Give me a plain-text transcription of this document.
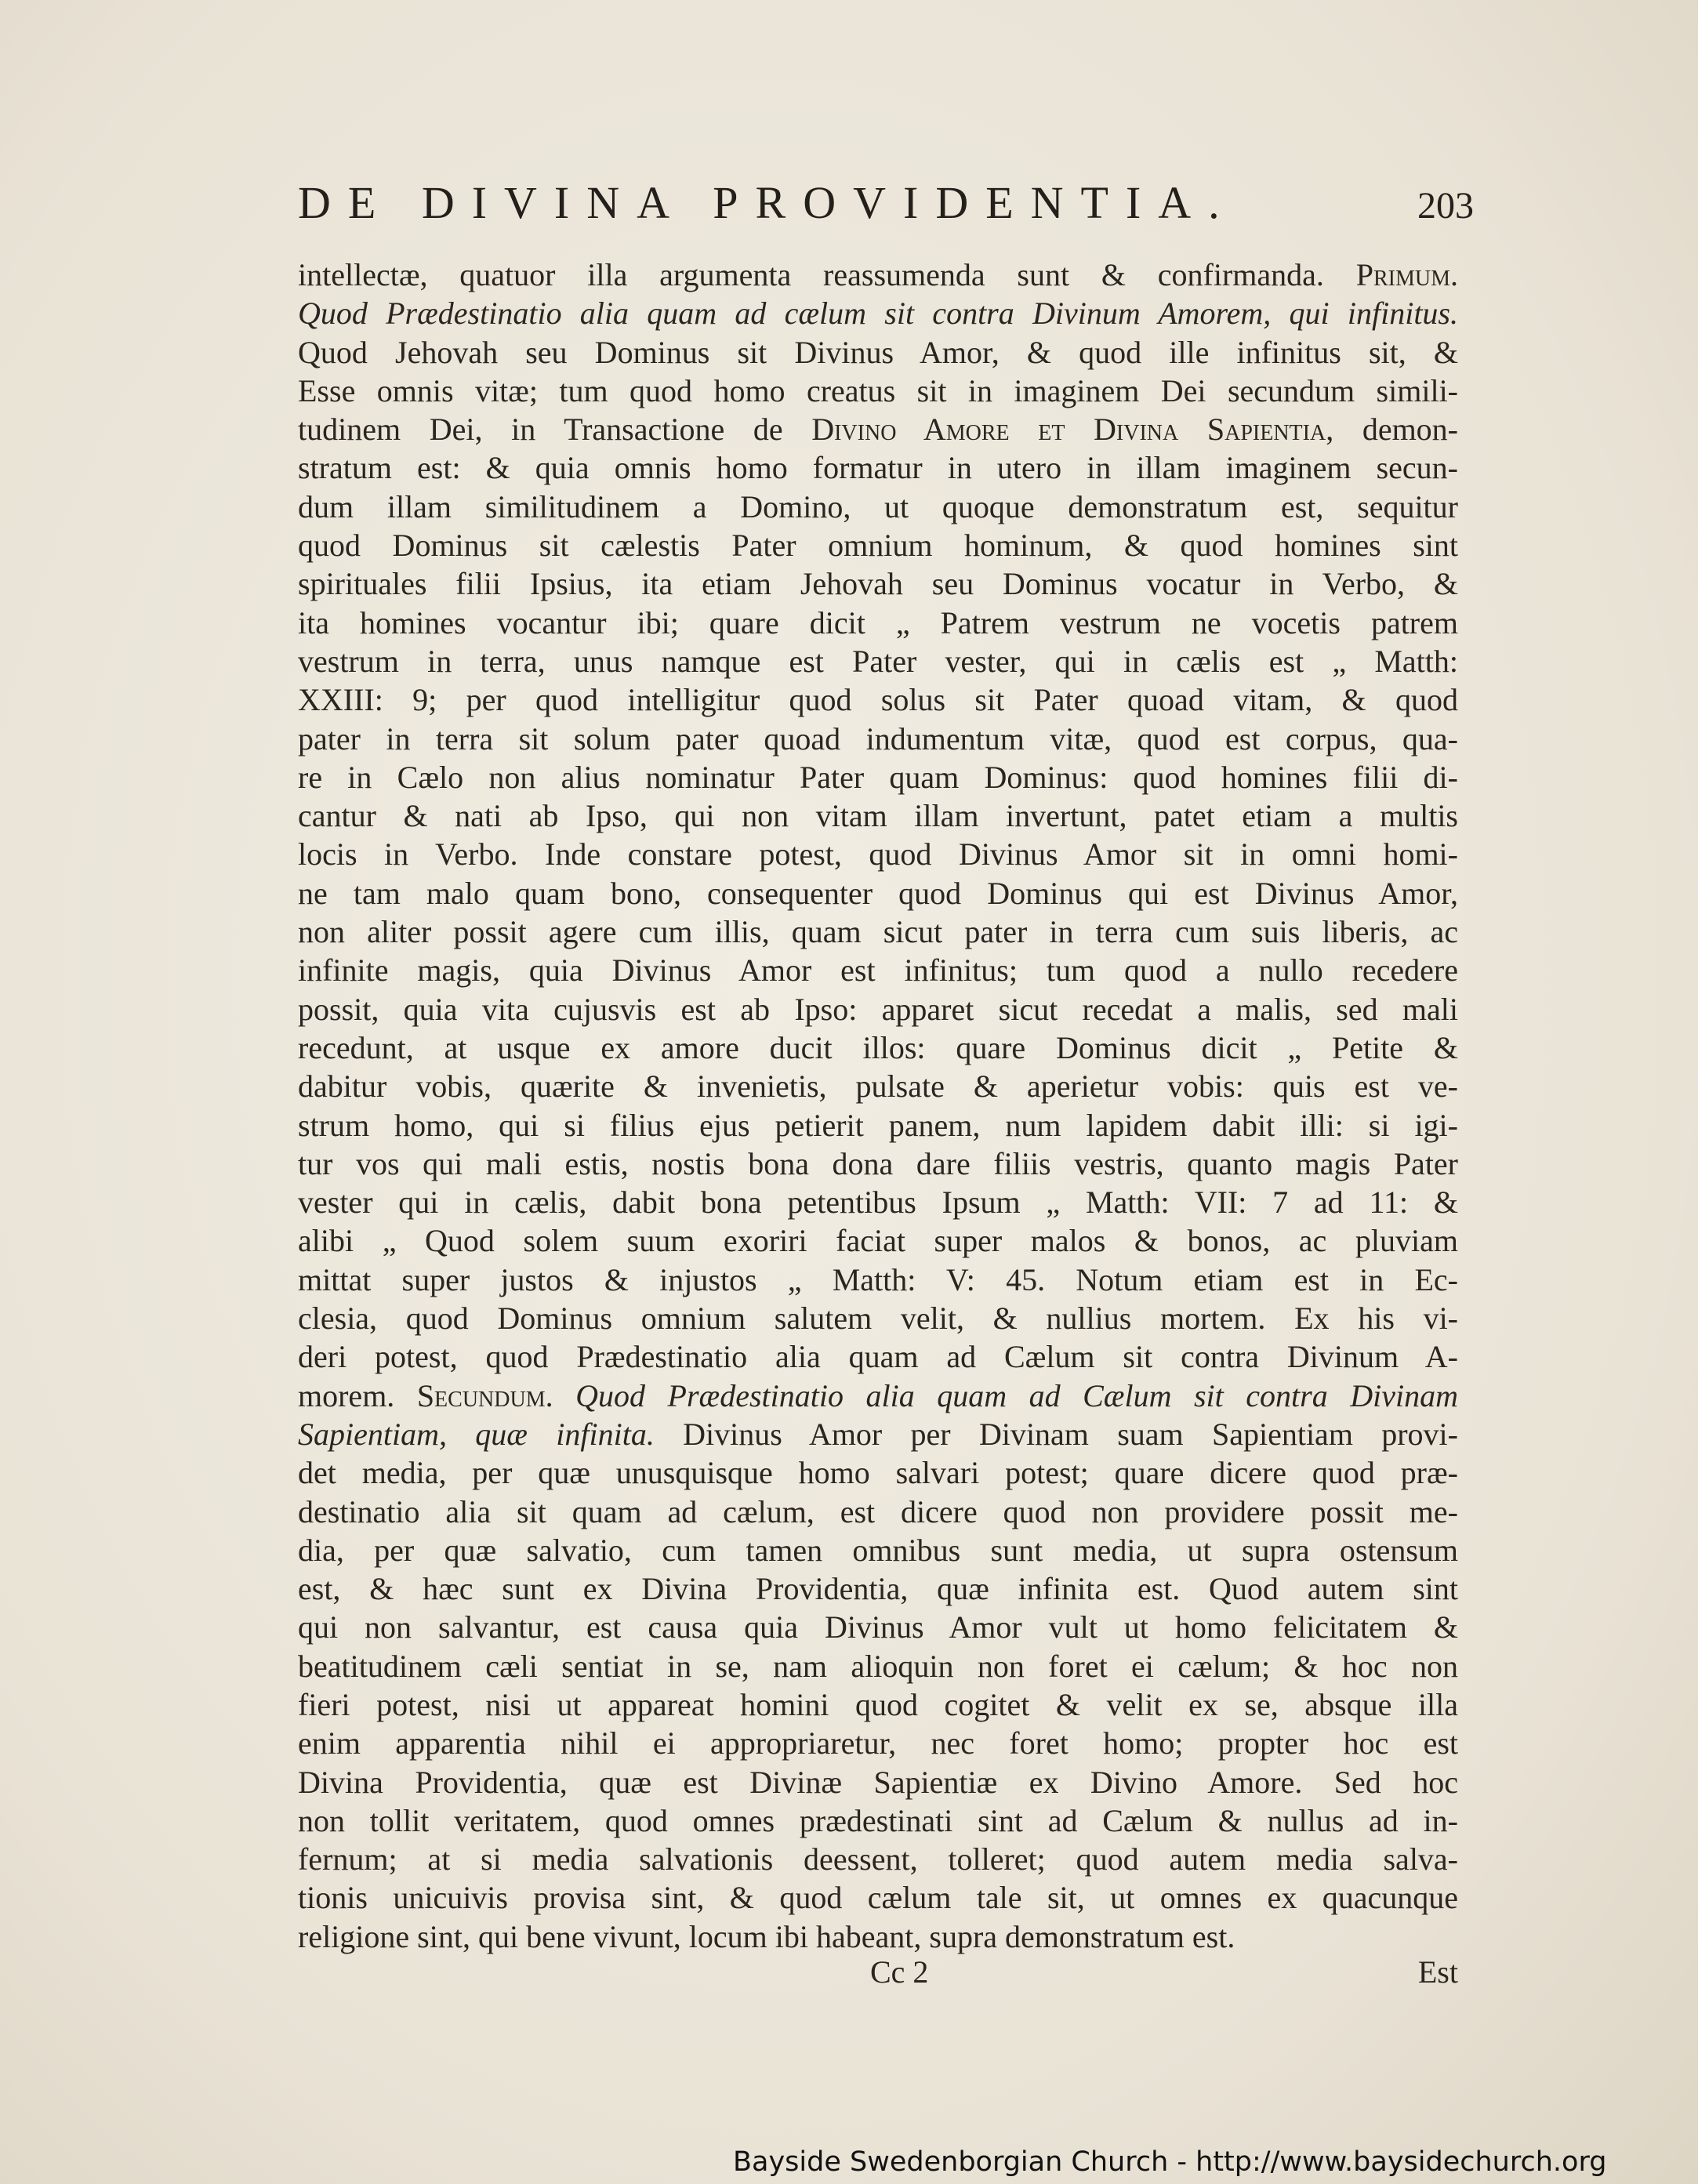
DE DIVINA PROVIDENTIA.	203
intellectæ, quatuor illa argumenta reassumenda sunt & confirmanda. Primum.
Quod Prædestinatio alia quam ad cælum sit contra Divinum Amorem, qui infinitus.
Quod Jehovah seu Dominus sit Divinus Amor, & quod ille infinitus sit, &
Esse omnis vitæ; tum quod homo creatus sit in imaginem Dei secundum simili-
tudinem Dei, in Transactione de Divino Amore et Divina Sapientia, demon-
stratum est: & quia omnis homo formatur in utero in illam imaginem secun-
dum illam similitudinem a Domino, ut quoque demonstratum est, sequitur
quod Dominus sit cælestis Pater omnium hominum, & quod homines sint
spirituales filii Ipsius, ita etiam Jehovah seu Dominus vocatur in Verbo, &
ita homines vocantur ibi; quare dicit „ Patrem vestrum ne vocetis patrem
vestrum in terra, unus namque est Pater vester, qui in cælis est „ Matth:
XXIII: 9; per quod intelligitur quod solus sit Pater quoad vitam, & quod
pater in terra sit solum pater quoad indumentum vitæ, quod est corpus, qua-
re in Cælo non alius nominatur Pater quam Dominus: quod homines filii di-
cantur & nati ab Ipso, qui non vitam illam invertunt, patet etiam a multis
locis in Verbo. Inde constare potest, quod Divinus Amor sit in omni homi-
ne tam malo quam bono, consequenter quod Dominus qui est Divinus Amor,
non aliter possit agere cum illis, quam sicut pater in terra cum suis liberis, ac
infinite magis, quia Divinus Amor est infinitus; tum quod a nullo recedere
possit, quia vita cujusvis est ab Ipso: apparet sicut recedat a malis, sed mali
recedunt, at usque ex amore ducit illos: quare Dominus dicit „ Petite &
dabitur vobis, quærite & invenietis, pulsate & aperietur vobis: quis est ve-
strum homo, qui si filius ejus petierit panem, num lapidem dabit illi: si igi-
tur vos qui mali estis, nostis bona dona dare filiis vestris, quanto magis Pater
vester qui in cælis, dabit bona petentibus Ipsum „ Matth: VII: 7 ad 11: &
alibi „ Quod solem suum exoriri faciat super malos & bonos, ac pluviam
mittat super justos & injustos „ Matth: V: 45. Notum etiam est in Ec-
clesia, quod Dominus omnium salutem velit, & nullius mortem. Ex his vi-
deri potest, quod Prædestinatio alia quam ad Cælum sit contra Divinum A-
morem. Secundum. Quod Prædestinatio alia quam ad Cælum sit contra Divinam
Sapientiam, quæ infinita. Divinus Amor per Divinam suam Sapientiam provi-
det media, per quæ unusquisque homo salvari potest; quare dicere quod præ-
destinatio alia sit quam ad cælum, est dicere quod non providere possit me-
dia, per quæ salvatio, cum tamen omnibus sunt media, ut supra ostensum
est, & hæc sunt ex Divina Providentia, quæ infinita est. Quod autem sint
qui non salvantur, est causa quia Divinus Amor vult ut homo felicitatem &
beatitudinem cæli sentiat in se, nam alioquin non foret ei cælum; & hoc non
fieri potest, nisi ut appareat homini quod cogitet & velit ex se, absque illa
enim apparentia nihil ei appropriaretur, nec foret homo; propter hoc est
Divina Providentia, quæ est Divinæ Sapientiæ ex Divino Amore. Sed hoc
non tollit veritatem, quod omnes prædestinati sint ad Cælum & nullus ad in-
fernum; at si media salvationis deessent, tolleret; quod autem media salva-
tionis unicuivis provisa sint, & quod cælum tale sit, ut omnes ex quacunque
religione sint, qui bene vivunt, locum ibi habeant, supra demonstratum est.
Cc 2	Est
Bayside Swedenborgian Church - http://www.baysidechurch.org
